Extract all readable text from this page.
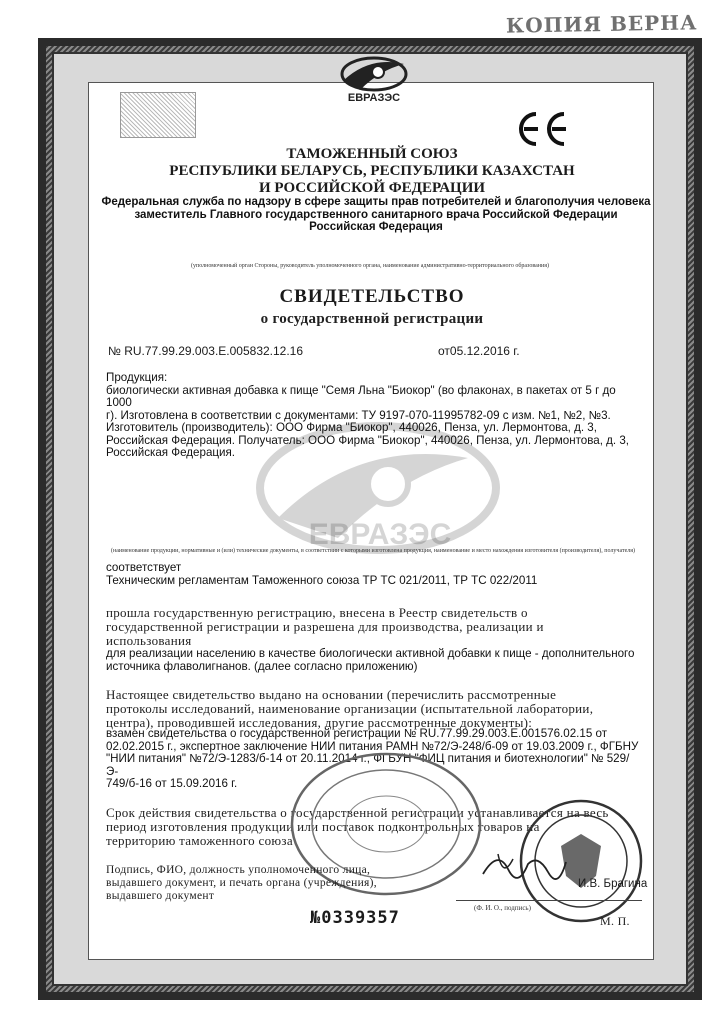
КОПИЯ ВЕРНА
ЕВРАЗЭС
ТАМОЖЕННЫЙ СОЮЗ
РЕСПУБЛИКИ БЕЛАРУСЬ, РЕСПУБЛИКИ КАЗАХСТАН
И РОССИЙСКОЙ ФЕДЕРАЦИИ
Федеральная служба по надзору в сфере защиты прав потребителей и благополучия человека
заместитель Главного государственного санитарного врача Российской Федерации
Российская Федерация
(уполномоченный орган Стороны, руководитель уполномоченного органа, наименование административно-территориального образования)
СВИДЕТЕЛЬСТВО
о государственной регистрации
№ RU.77.99.29.003.Е.005832.12.16	от05.12.2016 г.
ЕВРАЗЭС
Продукция:
биологически активная добавка к пище "Семя Льна "Биокор" (во флаконах, в пакетах от 5 г до 1000
г). Изготовлена в соответствии с документами: ТУ 9197-070-11995782-09 с изм. №1, №2, №3.
Изготовитель (производитель): ООО Фирма "Биокор", 440026, Пенза, ул. Лермонтова, д. 3,
Российская Федерация. Получатель: ООО Фирма "Биокор", 440026, Пенза, ул. Лермонтова, д. 3,
Российская Федерация.
(наименование продукции, нормативные и (или) технические документы, в соответствии с которыми изготовлена продукция, наименование и место нахождения изготовителя (производителя), получателя)
соответствует
Техническим регламентам Таможенного союза ТР ТС 021/2011, ТР ТС 022/2011
прошла государственную регистрацию, внесена в Реестр свидетельств о
государственной регистрации и разрешена для производства, реализации и
использования
для реализации населению в качестве биологически активной добавки к пище - дополнительного
источника флаволигнанов. (далее согласно приложению)
Настоящее свидетельство выдано на основании (перечислить рассмотренные
протоколы исследований, наименование организации (испытательной лаборатории,
центра), проводившей исследования, другие рассмотренные документы):
взамен свидетельства о государственной регистрации № RU.77.99.29.003.Е.001576.02.15 от
02.02.2015 г., экспертное заключение НИИ питания РАМН №72/Э-248/б-09 от 19.03.2009 г., ФГБНУ
"НИИ питания" №72/Э-1283/б-14 от 20.11.2014 г., ФГБУН "ФИЦ питания и биотехнологии" № 529/Э-
749/б-16 от 15.09.2016 г.
Срок действия свидетельства о государственной регистрации устанавливается на весь
период изготовления продукции или поставок подконтрольных товаров на
территорию таможенного союза
Подпись, ФИО, должность уполномоченного лица,
выдавшего документ, и печать органа (учреждения),
выдавшего документ
И.В. Брагина
(Ф. И. О., подпись)
М. П.
№0339357
